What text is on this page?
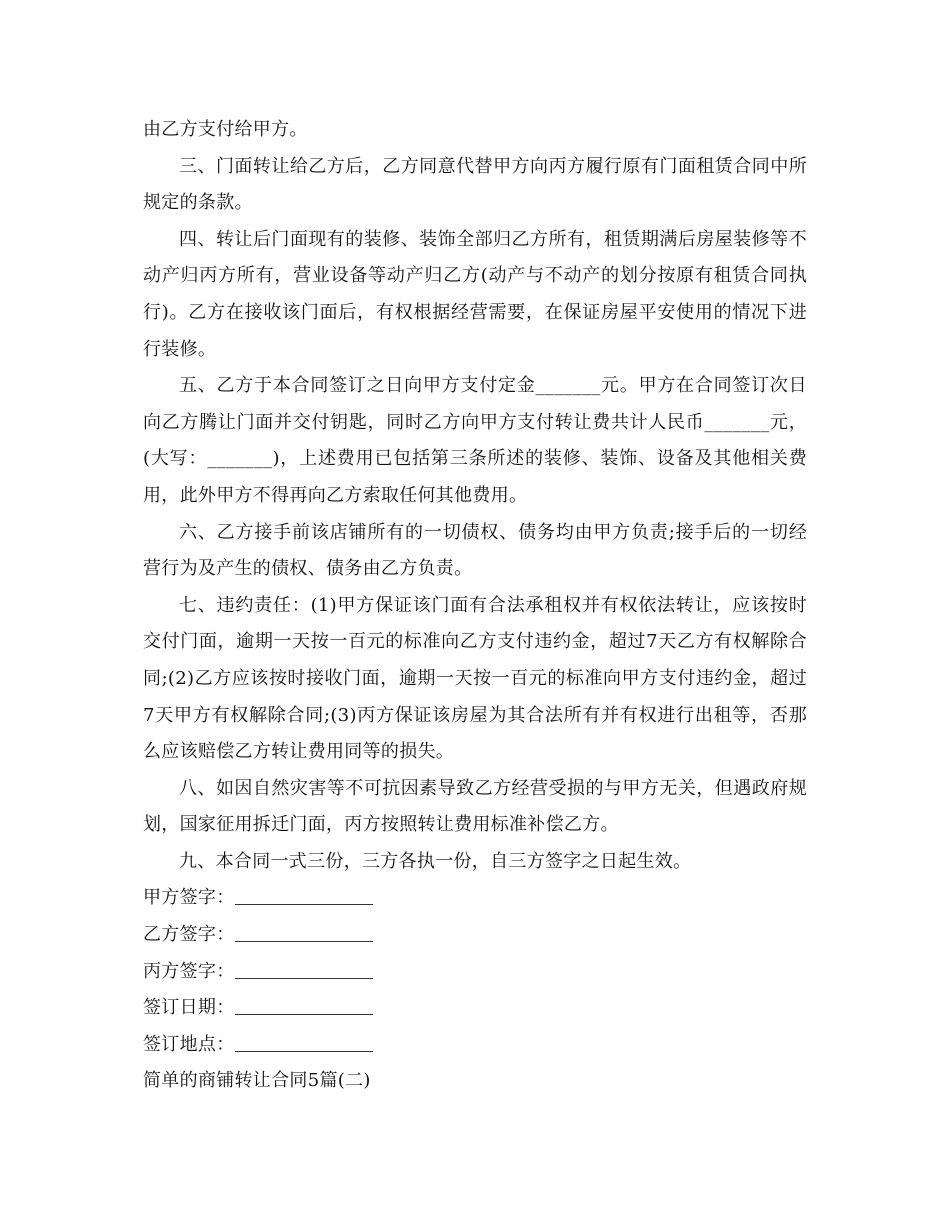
由乙方支付给甲方。

三、门面转让给乙方后，乙方同意代替甲方向丙方履行原有门面租赁合同中所规定的条款。

四、转让后门面现有的装修、装饰全部归乙方所有，租赁期满后房屋装修等不动产归丙方所有，营业设备等动产归乙方(动产与不动产的划分按原有租赁合同执行)。乙方在接收该门面后，有权根据经营需要，在保证房屋平安使用的情况下进行装修。

五、乙方于本合同签订之日向甲方支付定金_______元。甲方在合同签订次日向乙方腾让门面并交付钥匙，同时乙方向甲方支付转让费共计人民币_______元，(大写：_______)，上述费用已包括第三条所述的装修、装饰、设备及其他相关费用，此外甲方不得再向乙方索取任何其他费用。

六、乙方接手前该店铺所有的一切债权、债务均由甲方负责;接手后的一切经营行为及产生的债权、债务由乙方负责。

七、违约责任：(1)甲方保证该门面有合法承租权并有权依法转让，应该按时交付门面，逾期一天按一百元的标准向乙方支付违约金，超过7天乙方有权解除合同;(2)乙方应该按时接收门面，逾期一天按一百元的标准向甲方支付违约金，超过7天甲方有权解除合同;(3)丙方保证该房屋为其合法所有并有权进行出租等，否那么应该赔偿乙方转让费用同等的损失。

八、如因自然灾害等不可抗因素导致乙方经营受损的与甲方无关，但遇政府规划，国家征用拆迁门面，丙方按照转让费用标准补偿乙方。

九、本合同一式三份，三方各执一份，自三方签字之日起生效。

甲方签字：

乙方签字：

丙方签字：

签订日期：

签订地点：

简单的商铺转让合同5篇(二)
